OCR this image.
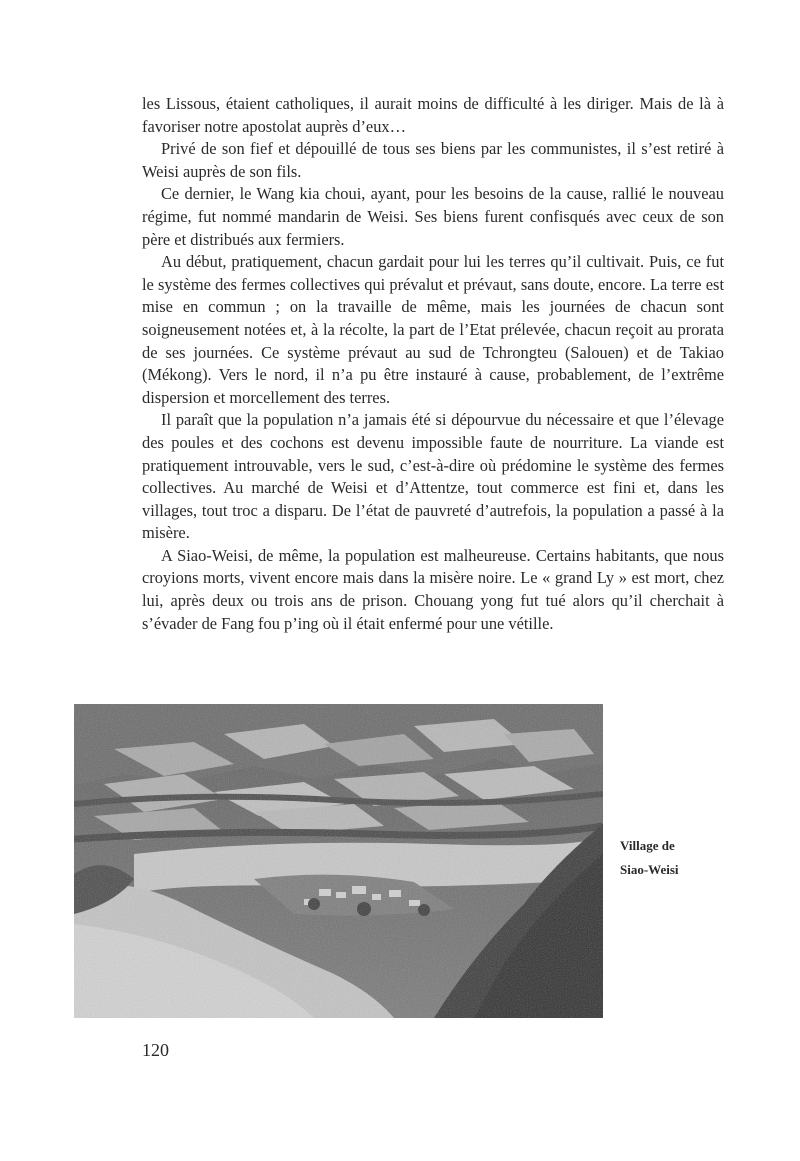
les Lissous, étaient catholiques, il aurait moins de difficulté à les diriger. Mais de là à favoriser notre apostolat auprès d’eux…

Privé de son fief et dépouillé de tous ses biens par les communistes, il s’est retiré à Weisi auprès de son fils.

Ce dernier, le Wang kia choui, ayant, pour les besoins de la cause, rallié le nouveau régime, fut nommé mandarin de Weisi. Ses biens furent confisqués avec ceux de son père et distribués aux fermiers.

Au début, pratiquement, chacun gardait pour lui les terres qu’il cultivait. Puis, ce fut le système des fermes collectives qui prévalut et prévaut, sans doute, encore. La terre est mise en commun ; on la travaille de même, mais les journées de chacun sont soigneusement notées et, à la récolte, la part de l’Etat prélevée, chacun reçoit au prorata de ses journées. Ce système prévaut au sud de Tchrongteu (Salouen) et de Takiao (Mékong). Vers le nord, il n’a pu être instauré à cause, probablement, de l’extrême dispersion et morcellement des terres.

Il paraît que la population n’a jamais été si dépourvue du nécessaire et que l’élevage des poules et des cochons est devenu impossible faute de nourriture. La viande est pratiquement introuvable, vers le sud, c’est-à-dire où prédomine le système des fermes collectives. Au marché de Weisi et d’Attentze, tout commerce est fini et, dans les villages, tout troc a disparu. De l’état de pauvreté d’autrefois, la population a passé à la misère.

A Siao-Weisi, de même, la population est malheureuse. Certains habitants, que nous croyions morts, vivent encore mais dans la misère noire. Le « grand Ly » est mort, chez lui, après deux ou trois ans de prison. Chouang yong fut tué alors qu’il cherchait à s’évader de Fang fou p’ing où il était enfermé pour une vétille.

Village de
Siao-Weisi
120
